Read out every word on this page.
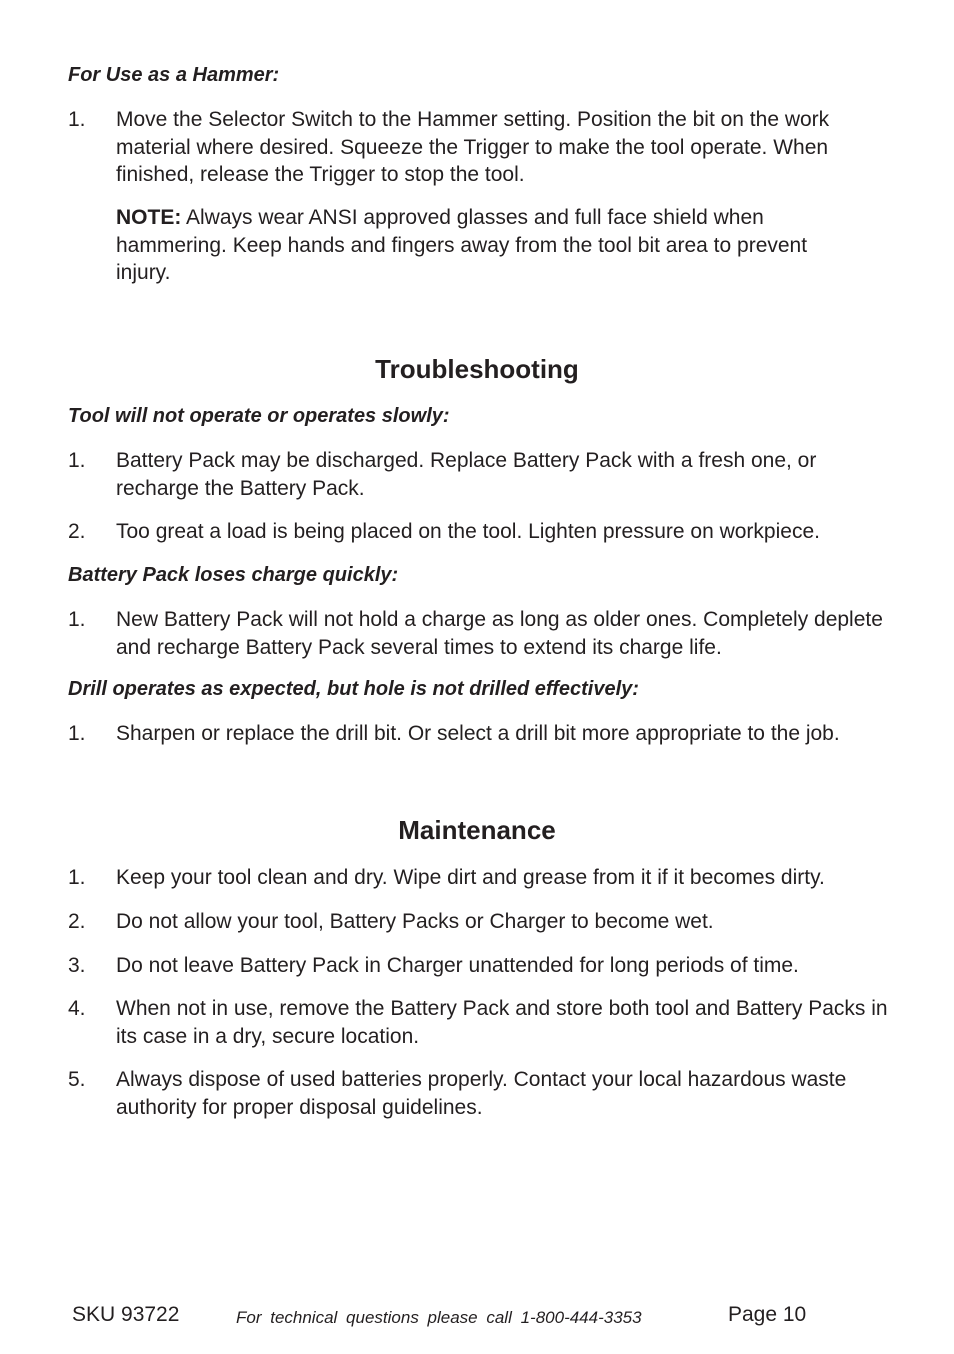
For Use as a Hammer:
1. Move the Selector Switch to the Hammer setting. Position the bit on the work material where desired. Squeeze the Trigger to make the tool operate. When finished, release the Trigger to stop the tool.
NOTE: Always wear ANSI approved glasses and full face shield when hammering. Keep hands and fingers away from the tool bit area to prevent injury.
Troubleshooting
Tool will not operate or operates slowly:
1. Battery Pack may be discharged. Replace Battery Pack with a fresh one, or recharge the Battery Pack.
2. Too great a load is being placed on the tool. Lighten pressure on workpiece.
Battery Pack loses charge quickly:
1. New Battery Pack will not hold a charge as long as older ones. Completely deplete and recharge Battery Pack several times to extend its charge life.
Drill operates as expected, but hole is not drilled effectively:
1. Sharpen or replace the drill bit. Or select a drill bit more appropriate to the job.
Maintenance
1. Keep your tool clean and dry. Wipe dirt and grease from it if it becomes dirty.
2. Do not allow your tool, Battery Packs or Charger to become wet.
3. Do not leave Battery Pack in Charger unattended for long periods of time.
4. When not in use, remove the Battery Pack and store both tool and Battery Packs in its case in a dry, secure location.
5. Always dispose of used batteries properly. Contact your local hazardous waste authority for proper disposal guidelines.
SKU 93722	For technical questions please call 1-800-444-3353	Page 10
